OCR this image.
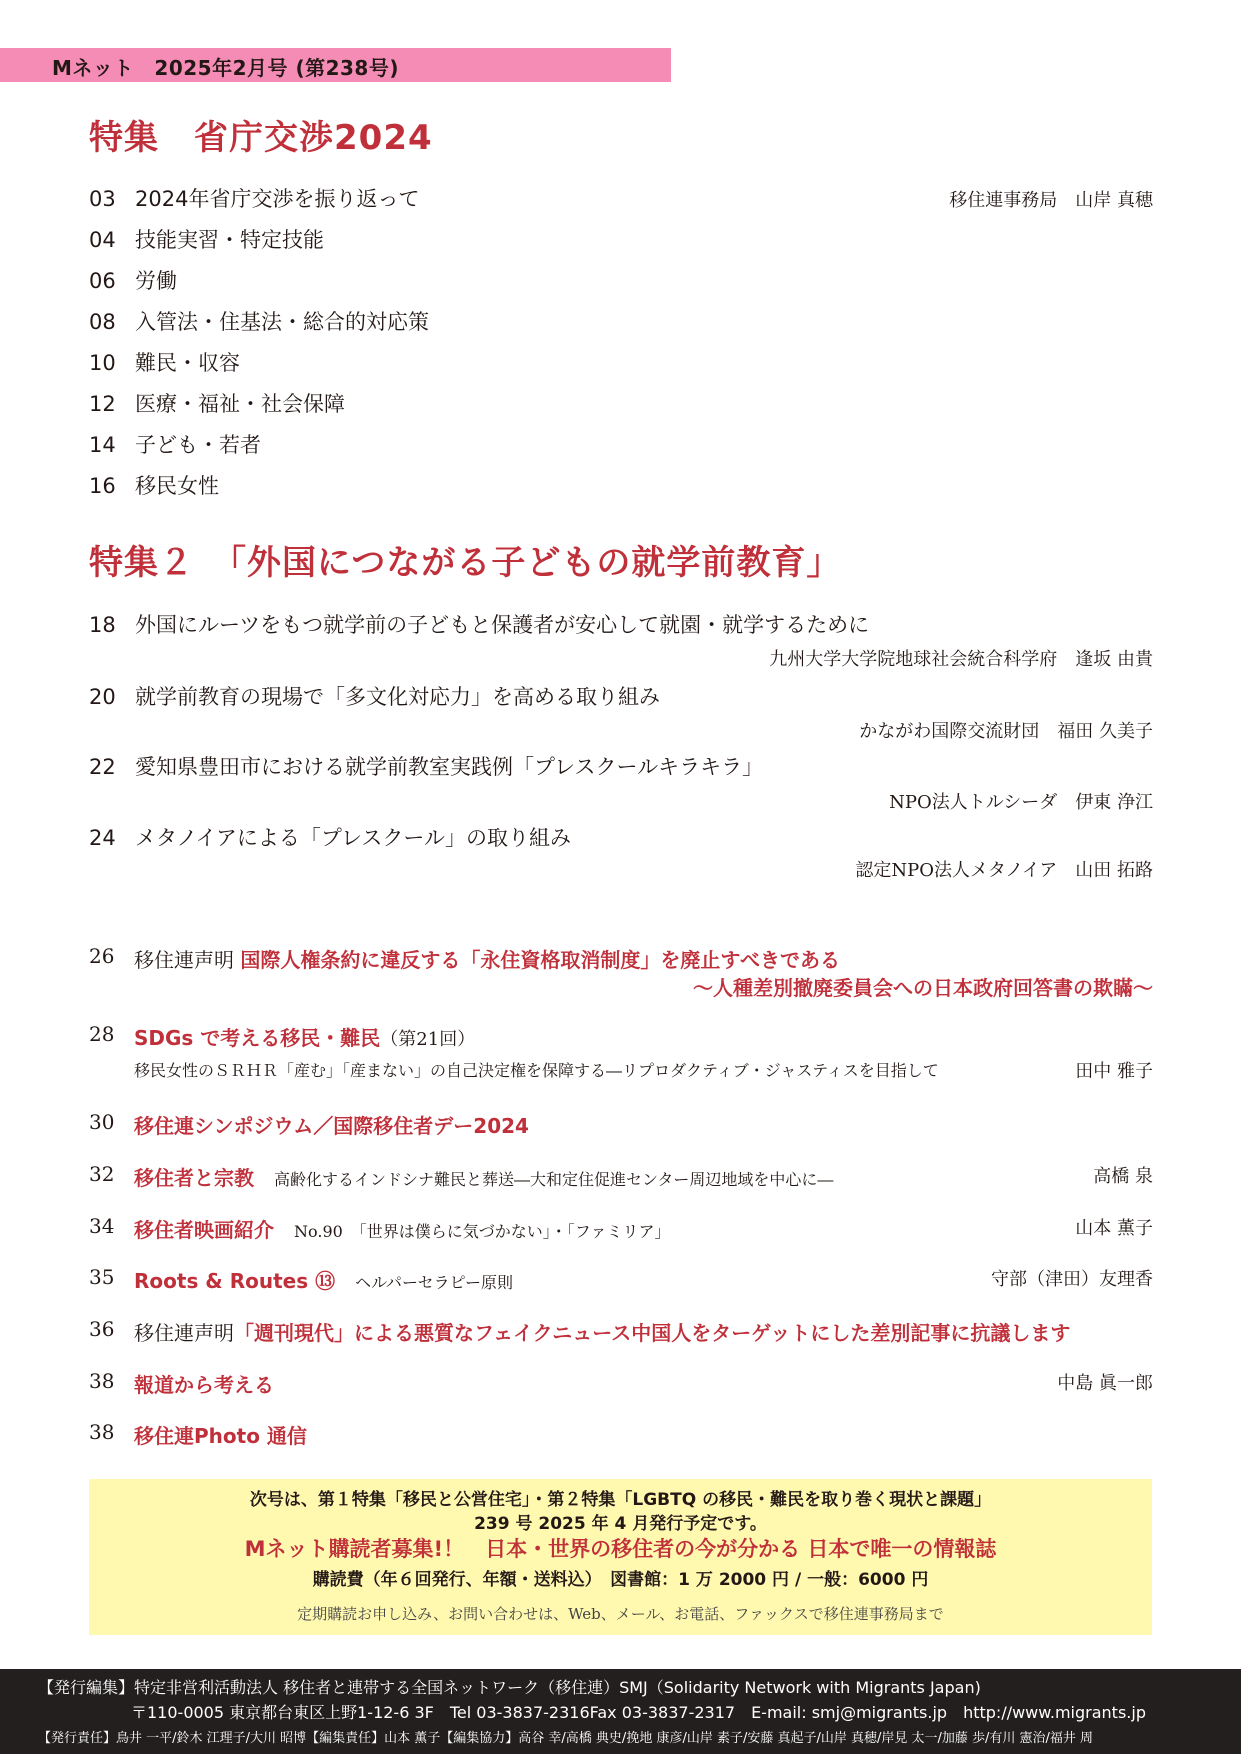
Mネット　2025年2月号 (第238号)
特集　省庁交渉2024
03 2024年省庁交渉を振り返って	移住連事務局　山岸 真穂
04 技能実習・特定技能
06 労働
08 入管法・住基法・総合的対応策
10 難民・収容
12 医療・福祉・社会保障
14 子ども・若者
16 移民女性
特集２　「外国につながる子どもの就学前教育」
18 外国にルーツをもつ就学前の子どもと保護者が安心して就園・就学するために
九州大学大学院地球社会統合科学府　逢坂 由貴
20 就学前教育の現場で「多文化対応力」を高める取り組み
かながわ国際交流財団　福田 久美子
22 愛知県豊田市における就学前教室実践例「プレスクールキラキラ」
NPO法人トルシーダ　伊東 浄江
24 メタノイアによる「プレスクール」の取り組み
認定NPO法人メタノイア　山田 拓路
26 移住連声明 国際人権条約に違反する「永住資格取消制度」を廃止すべきである
～人種差別撤廃委員会への日本政府回答書の欺瞞～
28 SDGs で考える移民・難民（第21回）
移民女性のＳＲＨＲ「産む」「産まない」の自己決定権を保障する―リプロダクティブ・ジャスティスを目指して	田中 雅子
30 移住連シンポジウム／国際移住者デー2024
32 移住者と宗教　 高齢化するインドシナ難民と葬送―大和定住促進センター周辺地域を中心に―	高橋 泉
34 移住者映画紹介　 No.90　「世界は僕らに気づかない」・「ファミリア」	山本 薫子
35 Roots & Routes ⑬　 ヘルパーセラピー原則	守部（津田）友理香
36 移住連声明「週刊現代」による悪質なフェイクニュース中国人をターゲットにした差別記事に抗議します
38 報道から考える	中島 眞一郎
38 移住連Photo 通信
次号は、第１特集「移民と公営住宅」・第２特集「LGBTQ の移民・難民を取り巻く現状と課題」
239 号 2025 年 4 月発行予定です。
Mネット購読者募集!！　日本・世界の移住者の今が分かる 日本で唯一の情報誌
購読費（年６回発行、年額・送料込）　図書館：1 万 2000 円 / 一般：6000 円
定期購読お申し込み、お問い合わせは、Web、メール、お電話、ファックスで移住連事務局まで
【発行編集】特定非営利活動法人 移住者と連帯する全国ネットワーク（移住連）SMJ（Solidarity Network with Migrants Japan)
〒110-0005 東京都台東区上野1-12-6 3F　Tel 03-3837-2316Fax 03-3837-2317　E-mail: smj@migrants.jp　http://www.migrants.jp
【発行責任】鳥井 一平/鈴木 江理子/大川 昭博【編集責任】山本 薫子【編集協力】高谷 幸/高橋 典史/挽地 康彦/山岸 素子/安藤 真起子/山岸 真穂/岸見 太一/加藤 歩/有川 憲治/福井 周
